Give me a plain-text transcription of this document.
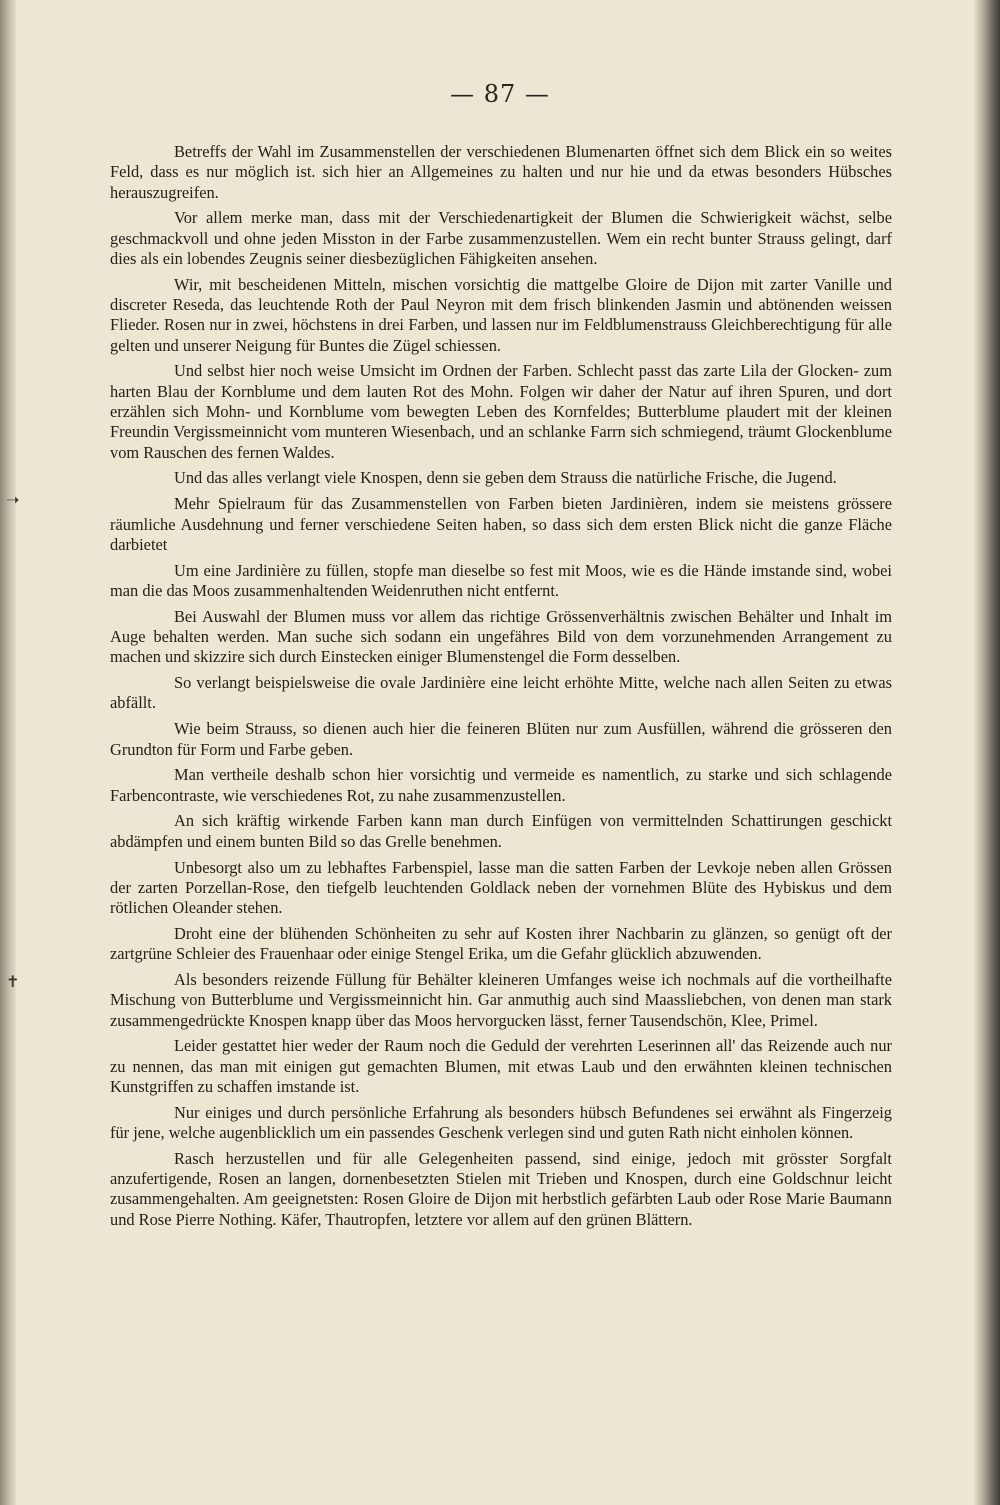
— 87 —
➝
✝

Betreffs der Wahl im Zusammenstellen der verschiedenen Blumenarten öffnet sich dem Blick ein so weites Feld, dass es nur möglich ist. sich hier an Allgemeines zu halten und nur hie und da etwas besonders Hübsches herauszugreifen.

Vor allem merke man, dass mit der Verschiedenartigkeit der Blumen die Schwierigkeit wächst, selbe geschmackvoll und ohne jeden Misston in der Farbe zusammenzustellen. Wem ein recht bunter Strauss gelingt, darf dies als ein lobendes Zeugnis seiner diesbezüglichen Fähigkeiten ansehen.

Wir, mit bescheidenen Mitteln, mischen vorsichtig die mattgelbe Gloire de Dijon mit zarter Vanille und discreter Reseda, das leuchtende Roth der Paul Neyron mit dem frisch blinkenden Jasmin und abtönenden weissen Flieder. Rosen nur in zwei, höchstens in drei Farben, und lassen nur im Feldblumenstrauss Gleichberechtigung für alle gelten und unserer Neigung für Buntes die Zügel schiessen.

Und selbst hier noch weise Umsicht im Ordnen der Farben. Schlecht passt das zarte Lila der Glocken- zum harten Blau der Kornblume und dem lauten Rot des Mohn. Folgen wir daher der Natur auf ihren Spuren, und dort erzählen sich Mohn- und Kornblume vom bewegten Leben des Kornfeldes; Butterblume plaudert mit der kleinen Freundin Vergissmeinnicht vom munteren Wiesenbach, und an schlanke Farrn sich schmiegend, träumt Glockenblume vom Rauschen des fernen Waldes.

Und das alles verlangt viele Knospen, denn sie geben dem Strauss die natürliche Frische, die Jugend.

Mehr Spielraum für das Zusammenstellen von Farben bieten Jardinièren, indem sie meistens grössere räumliche Ausdehnung und ferner verschiedene Seiten haben, so dass sich dem ersten Blick nicht die ganze Fläche darbietet

Um eine Jardinière zu füllen, stopfe man dieselbe so fest mit Moos, wie es die Hände imstande sind, wobei man die das Moos zusammenhaltenden Weidenruthen nicht entfernt.

Bei Auswahl der Blumen muss vor allem das richtige Grössenverhältnis zwischen Behälter und Inhalt im Auge behalten werden. Man suche sich sodann ein ungefähres Bild von dem vorzunehmenden Arrangement zu machen und skizzire sich durch Einstecken einiger Blumenstengel die Form desselben.

So verlangt beispielsweise die ovale Jardinière eine leicht erhöhte Mitte, welche nach allen Seiten zu etwas abfällt.

Wie beim Strauss, so dienen auch hier die feineren Blüten nur zum Ausfüllen, während die grösseren den Grundton für Form und Farbe geben.

Man vertheile deshalb schon hier vorsichtig und vermeide es namentlich, zu starke und sich schlagende Farbencontraste, wie verschiedenes Rot, zu nahe zusammenzustellen.

An sich kräftig wirkende Farben kann man durch Einfügen von vermittelnden Schattirungen geschickt abdämpfen und einem bunten Bild so das Grelle benehmen.

Unbesorgt also um zu lebhaftes Farbenspiel, lasse man die satten Farben der Levkoje neben allen Grössen der zarten Porzellan-Rose, den tiefgelb leuchtenden Goldlack neben der vornehmen Blüte des Hybiskus und dem rötlichen Oleander stehen.

Droht eine der blühenden Schönheiten zu sehr auf Kosten ihrer Nachbarin zu glänzen, so genügt oft der zartgrüne Schleier des Frauenhaar oder einige Stengel Erika, um die Gefahr glücklich abzuwenden.

Als besonders reizende Füllung für Behälter kleineren Umfanges weise ich nochmals auf die vortheilhafte Mischung von Butterblume und Vergissmeinnicht hin. Gar anmuthig auch sind Maassliebchen, von denen man stark zusammengedrückte Knospen knapp über das Moos hervorgucken lässt, ferner Tausendschön, Klee, Primel.

Leider gestattet hier weder der Raum noch die Geduld der verehrten Leserinnen all' das Reizende auch nur zu nennen, das man mit einigen gut gemachten Blumen, mit etwas Laub und den erwähnten kleinen technischen Kunstgriffen zu schaffen imstande ist.

Nur einiges und durch persönliche Erfahrung als besonders hübsch Befundenes sei erwähnt als Fingerzeig für jene, welche augenblicklich um ein passendes Geschenk verlegen sind und guten Rath nicht einholen können.

Rasch herzustellen und für alle Gelegenheiten passend, sind einige, jedoch mit grösster Sorgfalt anzufertigende, Rosen an langen, dornenbesetzten Stielen mit Trieben und Knospen, durch eine Goldschnur leicht zusammengehalten. Am geeignetsten: Rosen Gloire de Dijon mit herbstlich gefärbten Laub oder Rose Marie Baumann und Rose Pierre Nothing. Käfer, Thautropfen, letztere vor allem auf den grünen Blättern.
